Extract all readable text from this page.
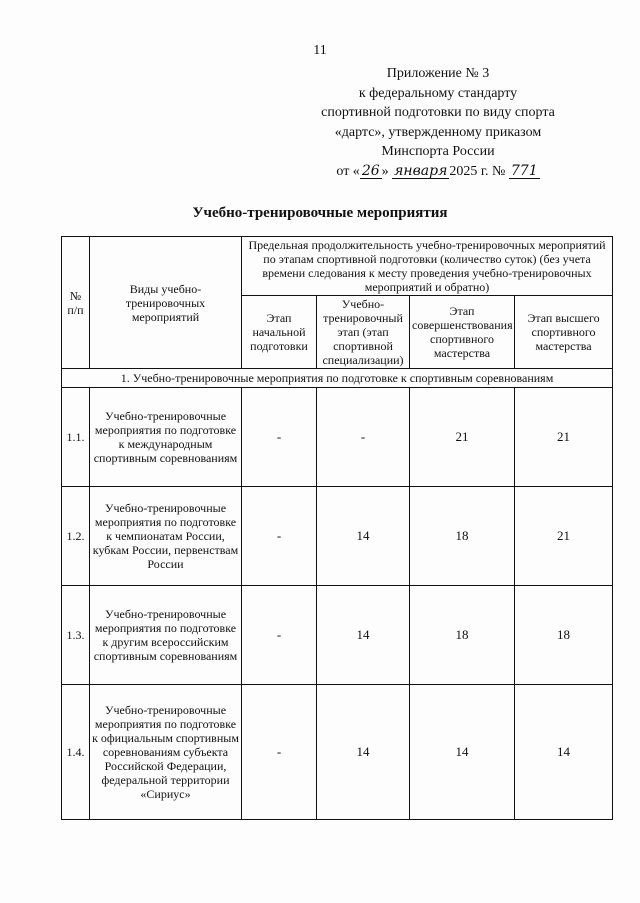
11
Приложение № 3
к федеральному стандарту
спортивной подготовки по виду спорта
«дартс», утвержденному приказом
Минспорта России
от « 26 » января 2025 г. № 771
Учебно-тренировочные мероприятия
№ п/п	Виды учебно-тренировочных мероприятий	Предельная продолжительность учебно-тренировочных мероприятий по этапам спортивной подготовки (количество суток) (без учета времени следования к месту проведения учебно-тренировочных мероприятий и обратно)			
		Этап начальной подготовки	Учебно-тренировочный этап (этап спортивной специализации)	Этап совершенствования спортивного мастерства	Этап высшего спортивного мастерства
1. Учебно-тренировочные мероприятия по подготовке к спортивным соревнованиям					
1.1.	Учебно-тренировочные мероприятия по подготовке к международным спортивным соревнованиям	-	-	21	21
1.2.	Учебно-тренировочные мероприятия по подготовке к чемпионатам России, кубкам России, первенствам России	-	14	18	21
1.3.	Учебно-тренировочные мероприятия по подготовке к другим всероссийским спортивным соревнованиям	-	14	18	18
1.4.	Учебно-тренировочные мероприятия по подготовке к официальным спортивным соревнованиям субъекта Российской Федерации, федеральной территории «Сириус»	-	14	14	14
